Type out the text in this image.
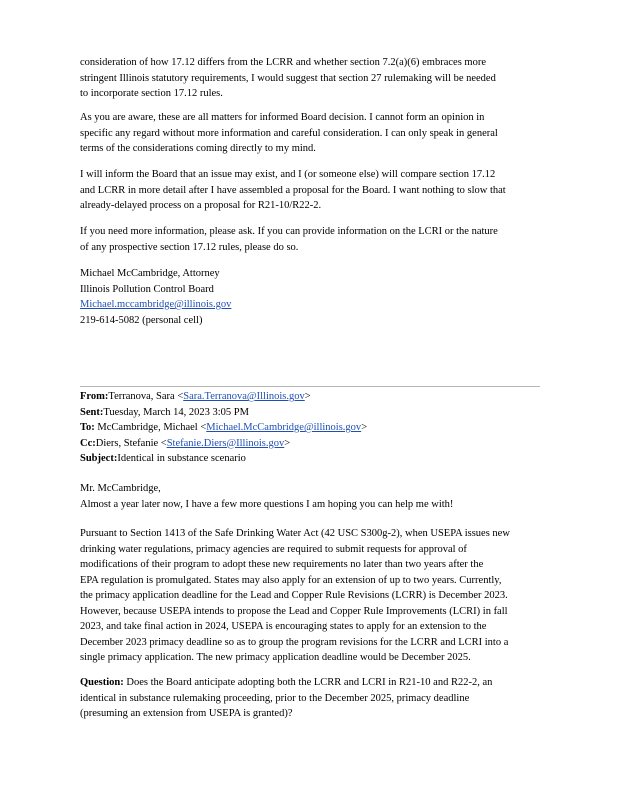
consideration of how 17.12 differs from the LCRR and whether section 7.2(a)(6) embraces more
stringent Illinois statutory requirements, I would suggest that section 27 rulemaking will be needed
to incorporate section 17.12 rules.
As you are aware, these are all matters for informed Board decision. I cannot form an opinion in
specific any regard without more information and careful consideration. I can only speak in general
terms of the considerations coming directly to my mind.
I will inform the Board that an issue may exist, and I (or someone else) will compare section 17.12
and LCRR in more detail after I have assembled a proposal for the Board. I want nothing to slow that
already-delayed process on a proposal for R21-10/R22-2.
If you need more information, please ask. If you can provide information on the LCRI or the nature
of any prospective section 17.12 rules, please do so.
Michael McCambridge, Attorney
Illinois Pollution Control Board
Michael.mccambridge@illinois.gov
219-614-5082 (personal cell)
From:Terranova, Sara <Sara.Terranova@Illinois.gov>
Sent:Tuesday, March 14, 2023 3:05 PM
To: McCambridge, Michael <Michael.McCambridge@illinois.gov>
Cc:Diers, Stefanie <Stefanie.Diers@Illinois.gov>
Subject:Identical in substance scenario
Mr. McCambridge,
Almost a year later now, I have a few more questions I am hoping you can help me with!
Pursuant to Section 1413 of the Safe Drinking Water Act (42 USC S300g-2), when USEPA issues new
drinking water regulations, primacy agencies are required to submit requests for approval of
modifications of their program to adopt these new requirements no later than two years after the
EPA regulation is promulgated. States may also apply for an extension of up to two years. Currently,
the primacy application deadline for the Lead and Copper Rule Revisions (LCRR) is December 2023.
However, because USEPA intends to propose the Lead and Copper Rule Improvements (LCRI) in fall
2023, and take final action in 2024, USEPA is encouraging states to apply for an extension to the
December 2023 primacy deadline so as to group the program revisions for the LCRR and LCRI into a
single primacy application. The new primacy application deadline would be December 2025.
Question: Does the Board anticipate adopting both the LCRR and LCRI in R21-10 and R22-2, an
identical in substance rulemaking proceeding, prior to the December 2025, primacy deadline
(presuming an extension from USEPA is granted)?
